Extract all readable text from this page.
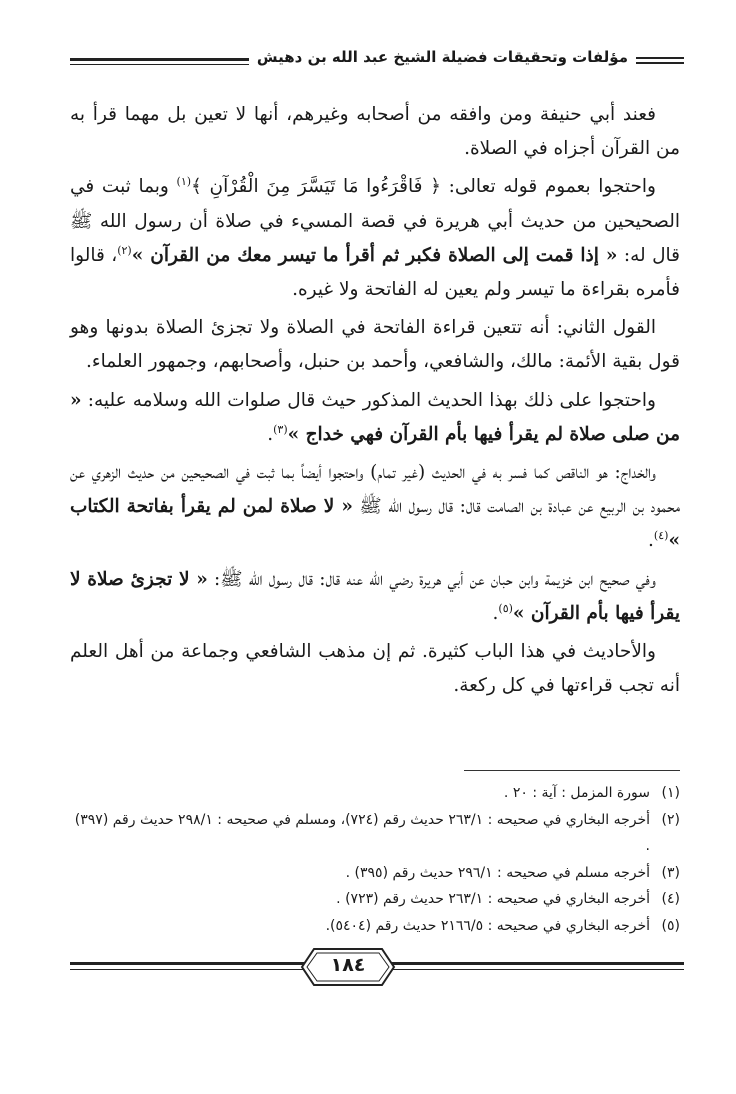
مؤلفات وتحقيقات فضيلة الشيخ عبد الله بن دهيش

فعند أبي حنيفة ومن وافقه من أصحابه وغيرهم، أنها لا تعين بل مهما قرأ به من القرآن أجزاه في الصلاة.

واحتجوا بعموم قوله تعالى: ﴿ فَاقْرَءُوا مَا تَيَسَّرَ مِنَ الْقُرْآنِ ﴾$^{(١)}$ وبما ثبت في الصحيحين من حديث أبي هريرة في قصة المسيء في صلاة أن رسول الله ﷺ قال له: « إذا قمت إلى الصلاة فكبر ثم أقرأ ما تيسر معك من القرآن »$^{(٢)}$، قالوا فأمره بقراءة ما تيسر ولم يعين له الفاتحة ولا غيره.

القول الثاني: أنه تتعين قراءة الفاتحة في الصلاة ولا تجزئ الصلاة بدونها وهو قول بقية الأئمة: مالك، والشافعي، وأحمد بن حنبل، وأصحابهم، وجمهور العلماء.

واحتجوا على ذلك بهذا الحديث المذكور حيث قال صلوات الله وسلامه عليه: « من صلى صلاة لم يقرأ فيها بأم القرآن فهي خداج »$^{(٣)}$.

والخداج: هو الناقص كما فسر به في الحديث (غير تمام) واحتجوا أيضاً بما ثبت في الصحيحين من حديث الزهري عن محمود بن الربيع عن عبادة بن الصامت قال: قال رسول الله ﷺ « لا صلاة لمن لم يقرأ بفاتحة الكتاب »$^{(٤)}$.

وفي صحيح ابن خزيمة وابن حبان عن أبي هريرة رضي الله عنه قال: قال رسول الله ﷺ: « لا تجزئ صلاة لا يقرأ فيها بأم القرآن »$^{(٥)}$.

والأحاديث في هذا الباب كثيرة. ثم إن مذهب الشافعي وجماعة من أهل العلم أنه تجب قراءتها في كل ركعة.

(١)
سورة المزمل : آية : ٢٠ .
(٢)
أخرجه البخاري في صحيحه : ٢٦٣/١ حديث رقم (٧٢٤)، ومسلم في صحيحه : ٢٩٨/١ حديث رقم (٣٩٧) .
(٣)
أخرجه مسلم في صحيحه : ٢٩٦/١ حديث رقم (٣٩٥) .
(٤)
أخرجه البخاري في صحيحه : ٢٦٣/١ حديث رقم (٧٢٣) .
(٥)
أخرجه البخاري في صحيحه : ٢١٦٦/٥ حديث رقم (٥٤٠٤).
١٨٤
